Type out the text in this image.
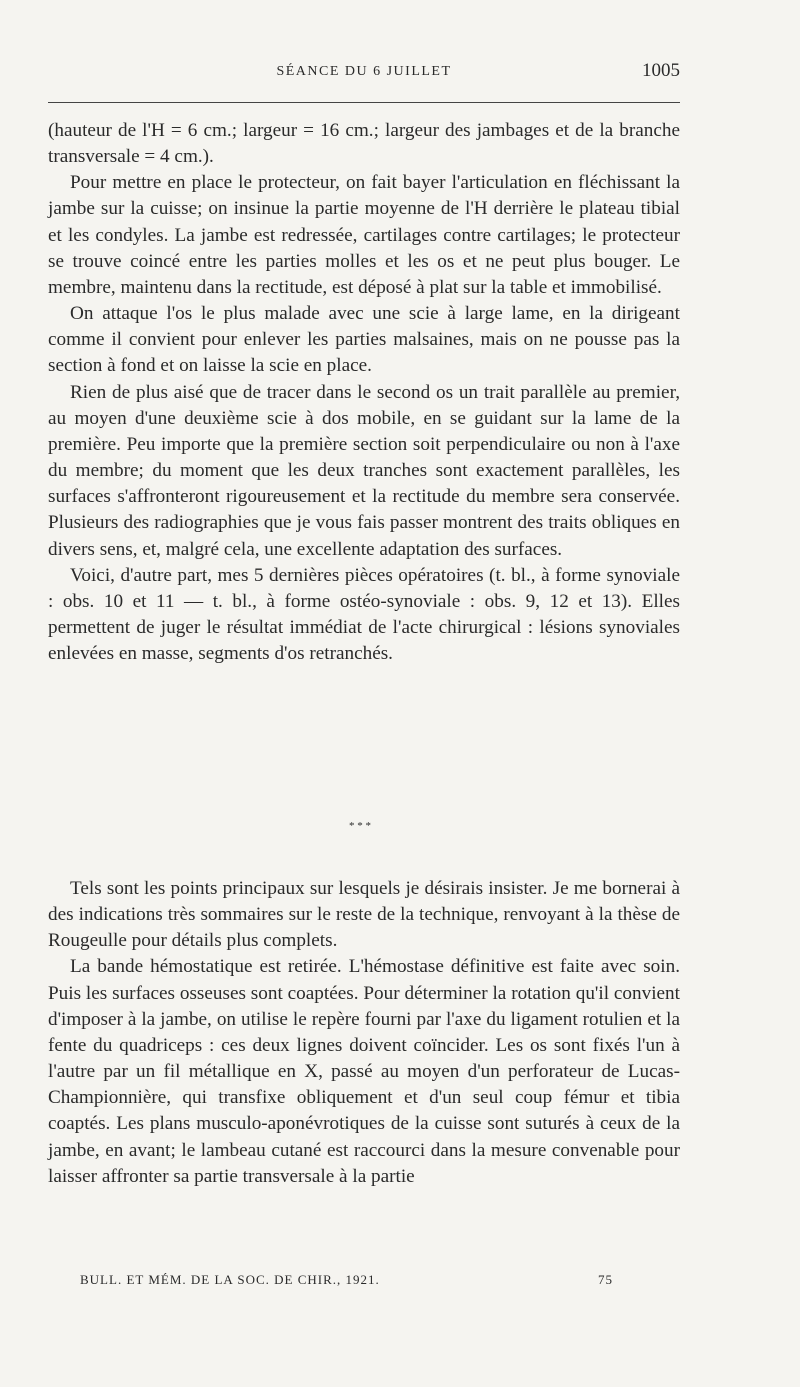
SÉANCE DU 6 JUILLET	1005

(hauteur de l'H = 6 cm.; largeur = 16 cm.; largeur des jambages et de la branche transversale = 4 cm.).

Pour mettre en place le protecteur, on fait bayer l'articulation en fléchissant la jambe sur la cuisse; on insinue la partie moyenne de l'H derrière le plateau tibial et les condyles. La jambe est redressée, cartilages contre cartilages; le protecteur se trouve coincé entre les parties molles et les os et ne peut plus bouger. Le membre, maintenu dans la rectitude, est déposé à plat sur la table et immobilisé.

On attaque l'os le plus malade avec une scie à large lame, en la dirigeant comme il convient pour enlever les parties malsaines, mais on ne pousse pas la section à fond et on laisse la scie en place.

Rien de plus aisé que de tracer dans le second os un trait parallèle au premier, au moyen d'une deuxième scie à dos mobile, en se guidant sur la lame de la première. Peu importe que la première section soit perpendiculaire ou non à l'axe du membre; du moment que les deux tranches sont exactement parallèles, les surfaces s'affronteront rigoureusement et la rectitude du membre sera conservée. Plusieurs des radiographies que je vous fais passer montrent des traits obliques en divers sens, et, malgré cela, une excellente adaptation des surfaces.

Voici, d'autre part, mes 5 dernières pièces opératoires (t. bl., à forme synoviale : obs. 10 et 11 — t. bl., à forme ostéo-synoviale : obs. 9, 12 et 13). Elles permettent de juger le résultat immédiat de l'acte chirurgical : lésions synoviales enlevées en masse, segments d'os retranchés.

* * *

Tels sont les points principaux sur lesquels je désirais insister. Je me bornerai à des indications très sommaires sur le reste de la technique, renvoyant à la thèse de Rougeulle pour détails plus complets.

La bande hémostatique est retirée. L'hémostase définitive est faite avec soin. Puis les surfaces osseuses sont coaptées. Pour déterminer la rotation qu'il convient d'imposer à la jambe, on utilise le repère fourni par l'axe du ligament rotulien et la fente du quadriceps : ces deux lignes doivent coïncider. Les os sont fixés l'un à l'autre par un fil métallique en X, passé au moyen d'un perforateur de Lucas-Championnière, qui transfixe obliquement et d'un seul coup fémur et tibia coaptés. Les plans musculo-aponévrotiques de la cuisse sont suturés à ceux de la jambe, en avant; le lambeau cutané est raccourci dans la mesure convenable pour laisser affronter sa partie transversale à la partie

BULL. ET MÉM. DE LA SOC. DE CHIR., 1921.	75
